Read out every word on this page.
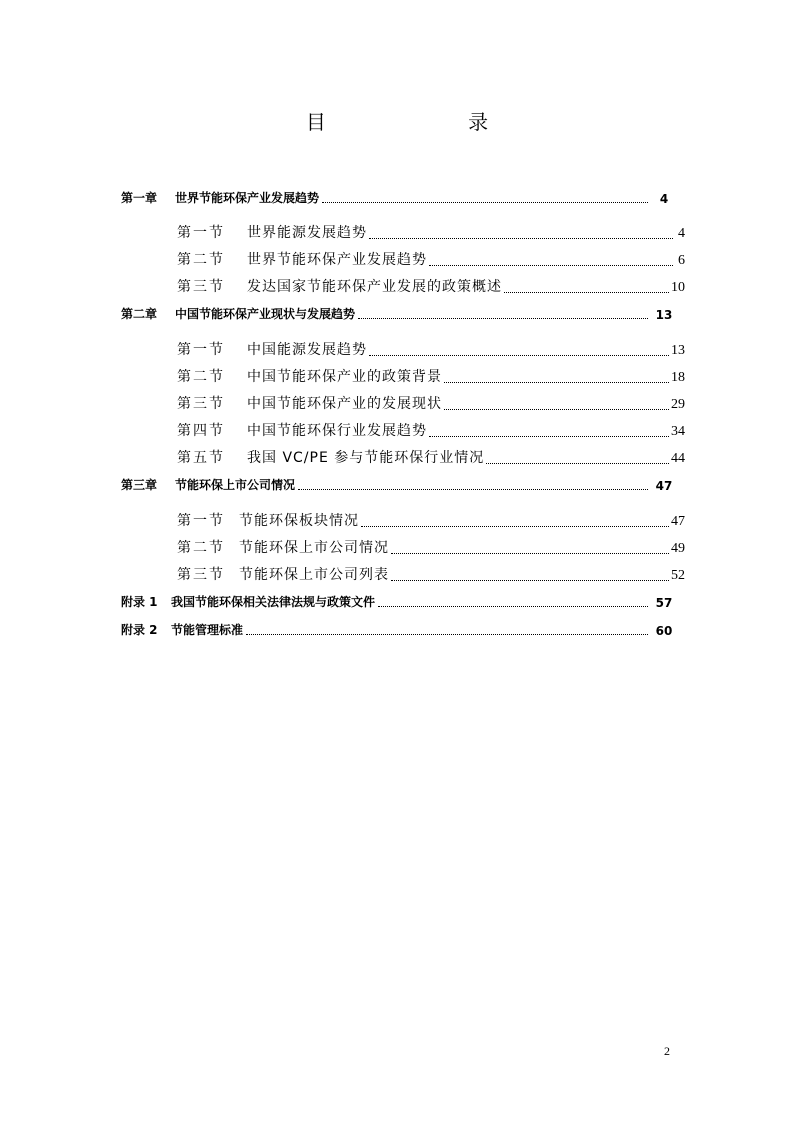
目 录
第一章	世界节能环保产业发展趋势	4
第一节	世界能源发展趋势	4
第二节	世界节能环保产业发展趋势	6
第三节	发达国家节能环保产业发展的政策概述	10
第二章	中国节能环保产业现状与发展趋势	13
第一节	中国能源发展趋势	13
第二节	中国节能环保产业的政策背景	18
第三节	中国节能环保产业的发展现状	29
第四节	中国节能环保行业发展趋势	34
第五节	我国 VC/PE 参与节能环保行业情况	44
第三章	节能环保上市公司情况	47
第一节	节能环保板块情况	47
第二节	节能环保上市公司情况	49
第三节	节能环保上市公司列表	52
附录 1	我国节能环保相关法律法规与政策文件	57
附录 2	节能管理标准	60
2
